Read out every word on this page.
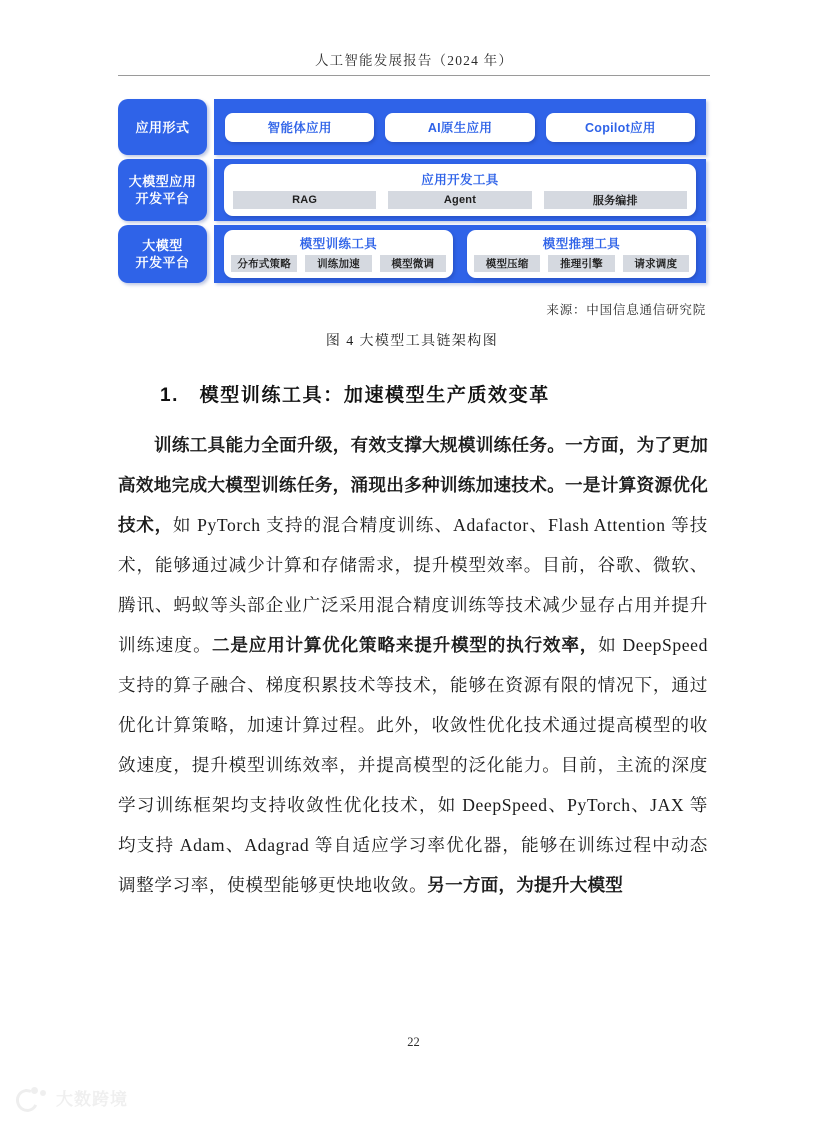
人工智能发展报告（2024 年）
应用形式	智能体应用	AI原生应用	Copilot应用
大模型应用
开发平台
应用开发工具
RAG	Agent	服务编排
大模型
开发平台
模型训练工具
分布式策略	训练加速	模型微调
模型推理工具
模型压缩	推理引擎	请求调度
来源：中国信息通信研究院
图 4 大模型工具链架构图
1.　模型训练工具：加速模型生产质效变革

训练工具能力全面升级，有效支撑大规模训练任务。一方面，为了更加高效地完成大模型训练任务，涌现出多种训练加速技术。一是计算资源优化技术，如 PyTorch 支持的混合精度训练、Adafactor、Flash Attention 等技术，能够通过减少计算和存储需求，提升模型效率。目前，谷歌、微软、腾讯、蚂蚁等头部企业广泛采用混合精度训练等技术减少显存占用并提升训练速度。二是应用计算优化策略来提升模型的执行效率，如 DeepSpeed 支持的算子融合、梯度积累技术等技术，能够在资源有限的情况下，通过优化计算策略，加速计算过程。此外，收敛性优化技术通过提高模型的收敛速度，提升模型训练效率，并提高模型的泛化能力。目前，主流的深度学习训练框架均支持收敛性优化技术，如 DeepSpeed、PyTorch、JAX 等均支持 Adam、Adagrad 等自适应学习率优化器，能够在训练过程中动态调整学习率，使模型能够更快地收敛。另一方面，为提升大模型

22
大数跨境
